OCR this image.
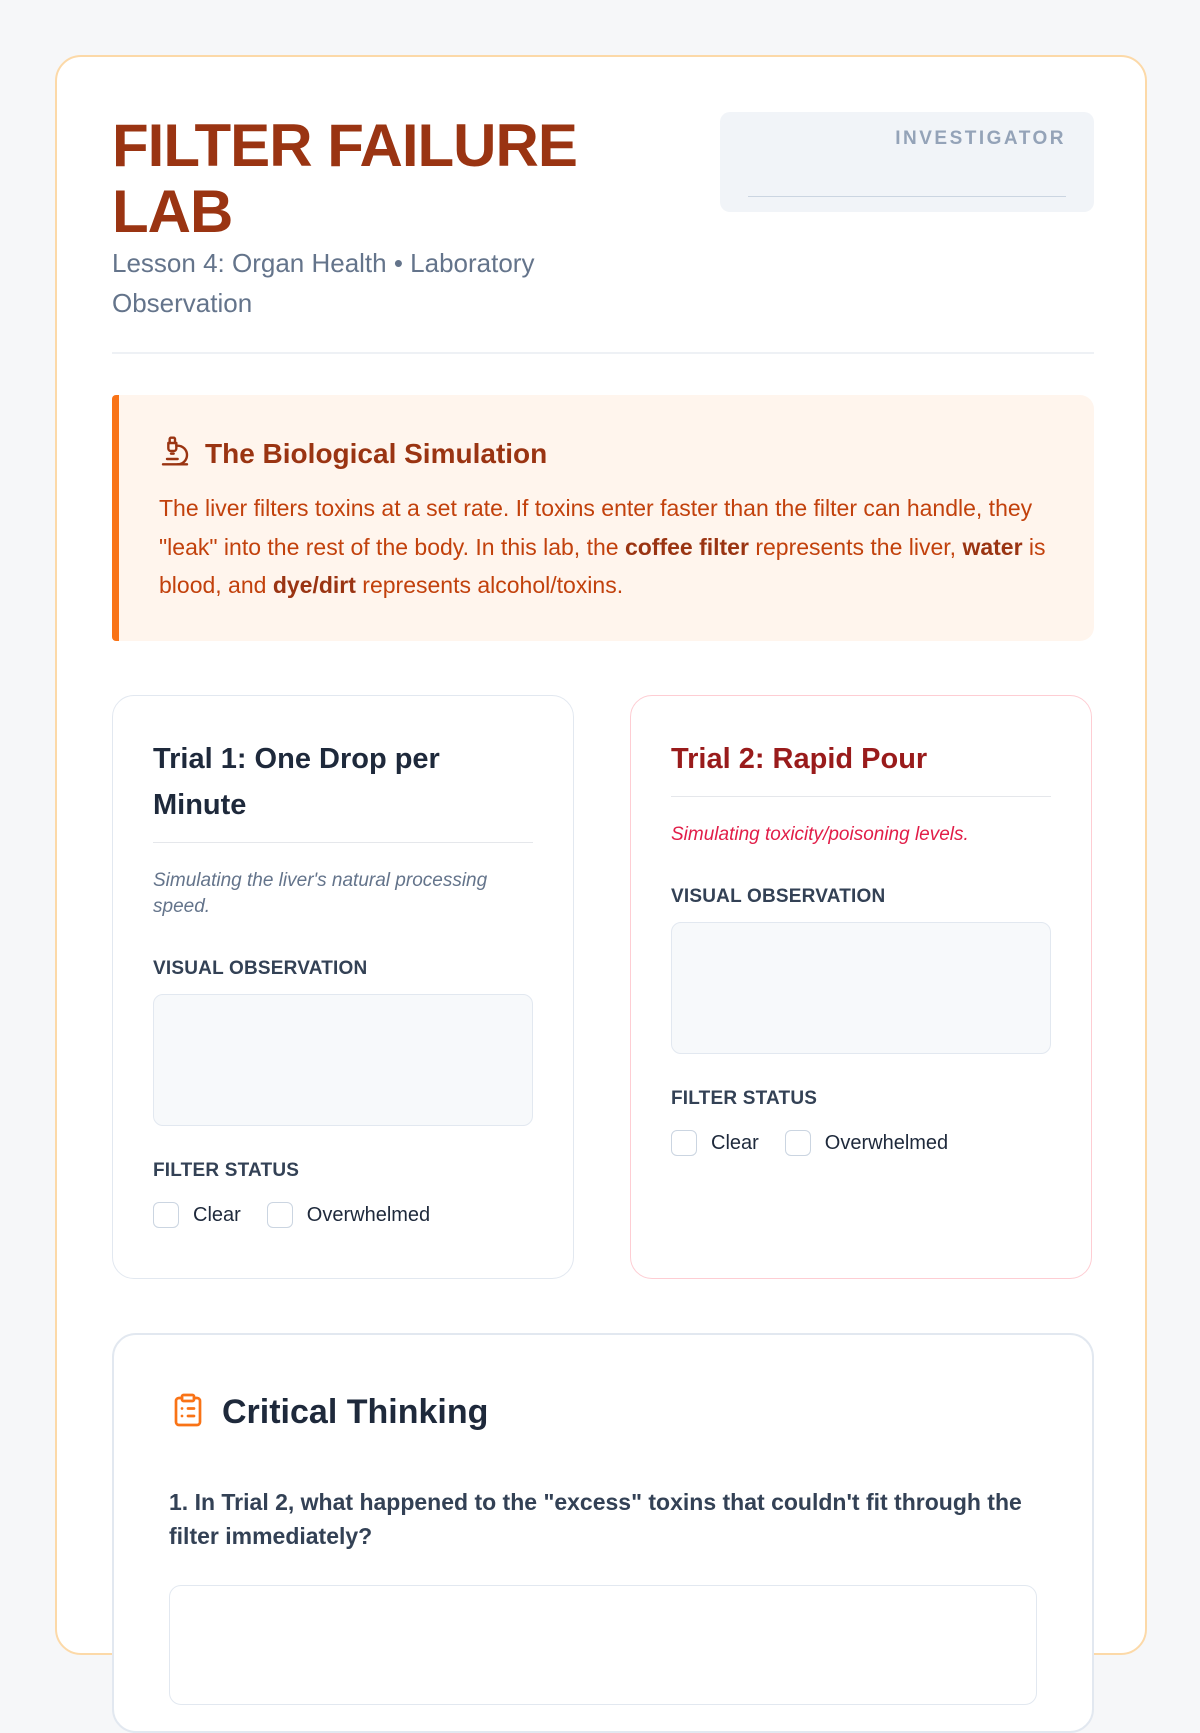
FILTER FAILURE LAB
Lesson 4: Organ Health • Laboratory Observation
INVESTIGATOR
The Biological Simulation

The liver filters toxins at a set rate. If toxins enter faster than the filter can handle, they "leak" into the rest of the body. In this lab, the coffee filter represents the liver, water is blood, and dye/dirt represents alcohol/toxins.

Trial 1: One Drop per Minute
Simulating the liver's natural processing speed.
VISUAL OBSERVATION
FILTER STATUS
Clear	Overwhelmed
Trial 2: Rapid Pour
Simulating toxicity/poisoning levels.
VISUAL OBSERVATION
FILTER STATUS
Clear	Overwhelmed
Critical Thinking
1. In Trial 2, what happened to the "excess" toxins that couldn't fit through the filter immediately?
